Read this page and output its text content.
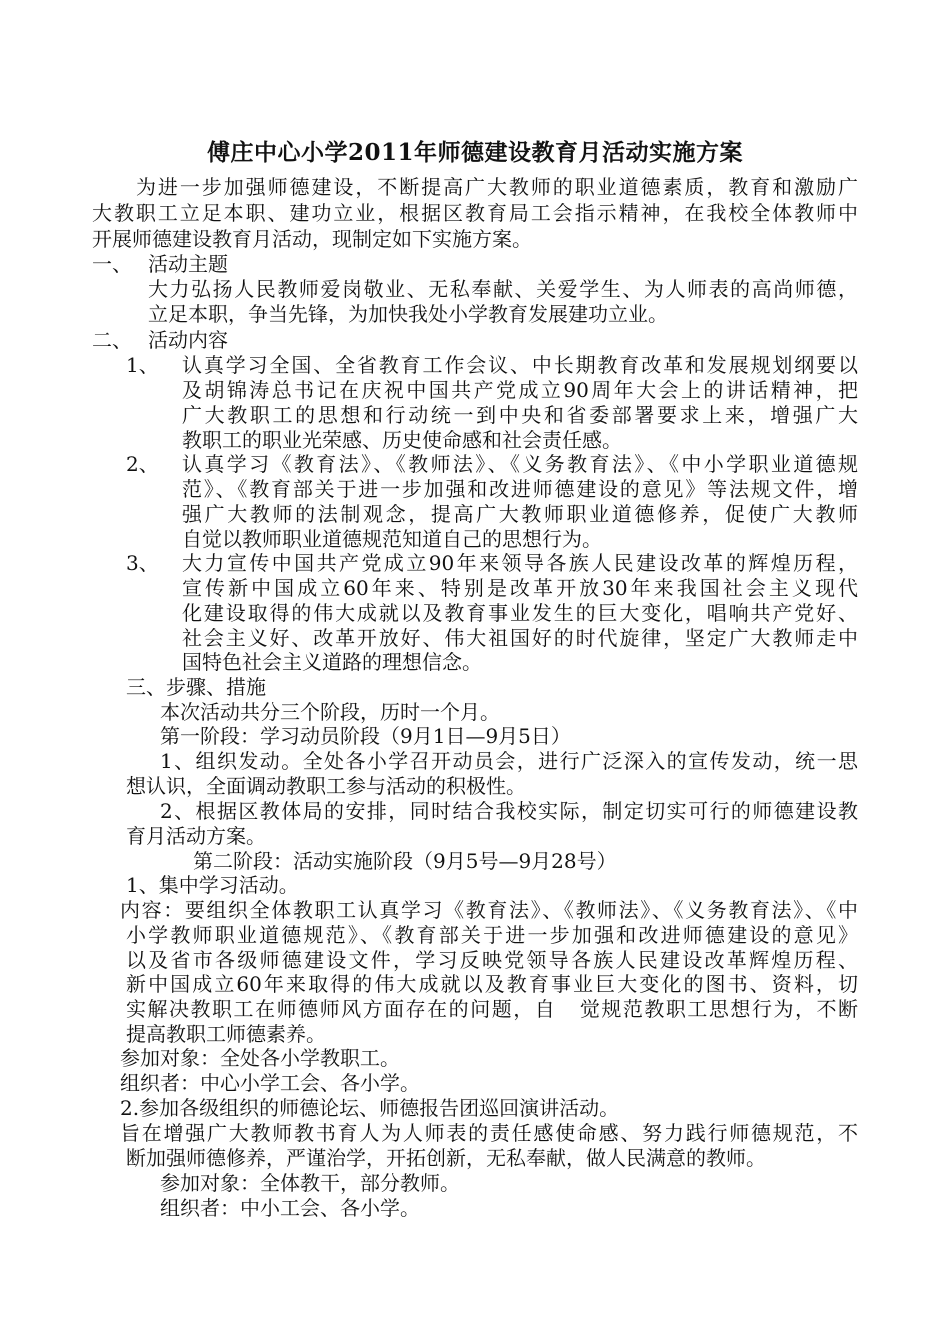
傅庄中心小学2011年师德建设教育月活动实施方案
为进一步加强师德建设，不断提高广大教师的职业道德素质，教育和激励广
大教职工立足本职、建功立业，根据区教育局工会指示精神，在我校全体教师中
开展师德建设教育月活动，现制定如下实施方案。
一、 活动主题
大力弘扬人民教师爱岗敬业、无私奉献、关爱学生、为人师表的高尚师德，
立足本职，争当先锋，为加快我处小学教育发展建功立业。
二、 活动内容
1、 认真学习全国、全省教育工作会议、中长期教育改革和发展规划纲要以
及胡锦涛总书记在庆祝中国共产党成立90周年大会上的讲话精神，把
广大教职工的思想和行动统一到中央和省委部署要求上来，增强广大
教职工的职业光荣感、历史使命感和社会责任感。
2、 认真学习《教育法》、《教师法》、《义务教育法》、《中小学职业道德规
范》、《教育部关于进一步加强和改进师德建设的意见》等法规文件，增
强广大教师的法制观念，提高广大教师职业道德修养，促使广大教师
自觉以教师职业道德规范知道自己的思想行为。
3、 大力宣传中国共产党成立90年来领导各族人民建设改革的辉煌历程，
宣传新中国成立60年来、特别是改革开放30年来我国社会主义现代
化建设取得的伟大成就以及教育事业发生的巨大变化，唱响共产党好、
社会主义好、改革开放好、伟大祖国好的时代旋律，坚定广大教师走中
国特色社会主义道路的理想信念。
三、步骤、措施
本次活动共分三个阶段，历时一个月。
第一阶段：学习动员阶段（9月1日—9月5日）
1、组织发动。全处各小学召开动员会，进行广泛深入的宣传发动，统一思
想认识，全面调动教职工参与活动的积极性。
2、根据区教体局的安排，同时结合我校实际，制定切实可行的师德建设教
育月活动方案。
第二阶段：活动实施阶段（9月5号—9月28号）
1、集中学习活动。
内容：要组织全体教职工认真学习《教育法》、《教师法》、《义务教育法》、《中
小学教师职业道德规范》、《教育部关于进一步加强和改进师德建设的意见》
以及省市各级师德建设文件，学习反映党领导各族人民建设改革辉煌历程、
新中国成立60年来取得的伟大成就以及教育事业巨大变化的图书、资料，切
实解决教职工在师德师风方面存在的问题，自   觉规范教职工思想行为，不断
提高教职工师德素养。
参加对象：全处各小学教职工。
组织者：中心小学工会、各小学。
2.参加各级组织的师德论坛、师德报告团巡回演讲活动。
旨在增强广大教师教书育人为人师表的责任感使命感、努力践行师德规范，不
断加强师德修养，严谨治学，开拓创新，无私奉献，做人民满意的教师。
参加对象：全体教干，部分教师。
组织者：中小工会、各小学。
